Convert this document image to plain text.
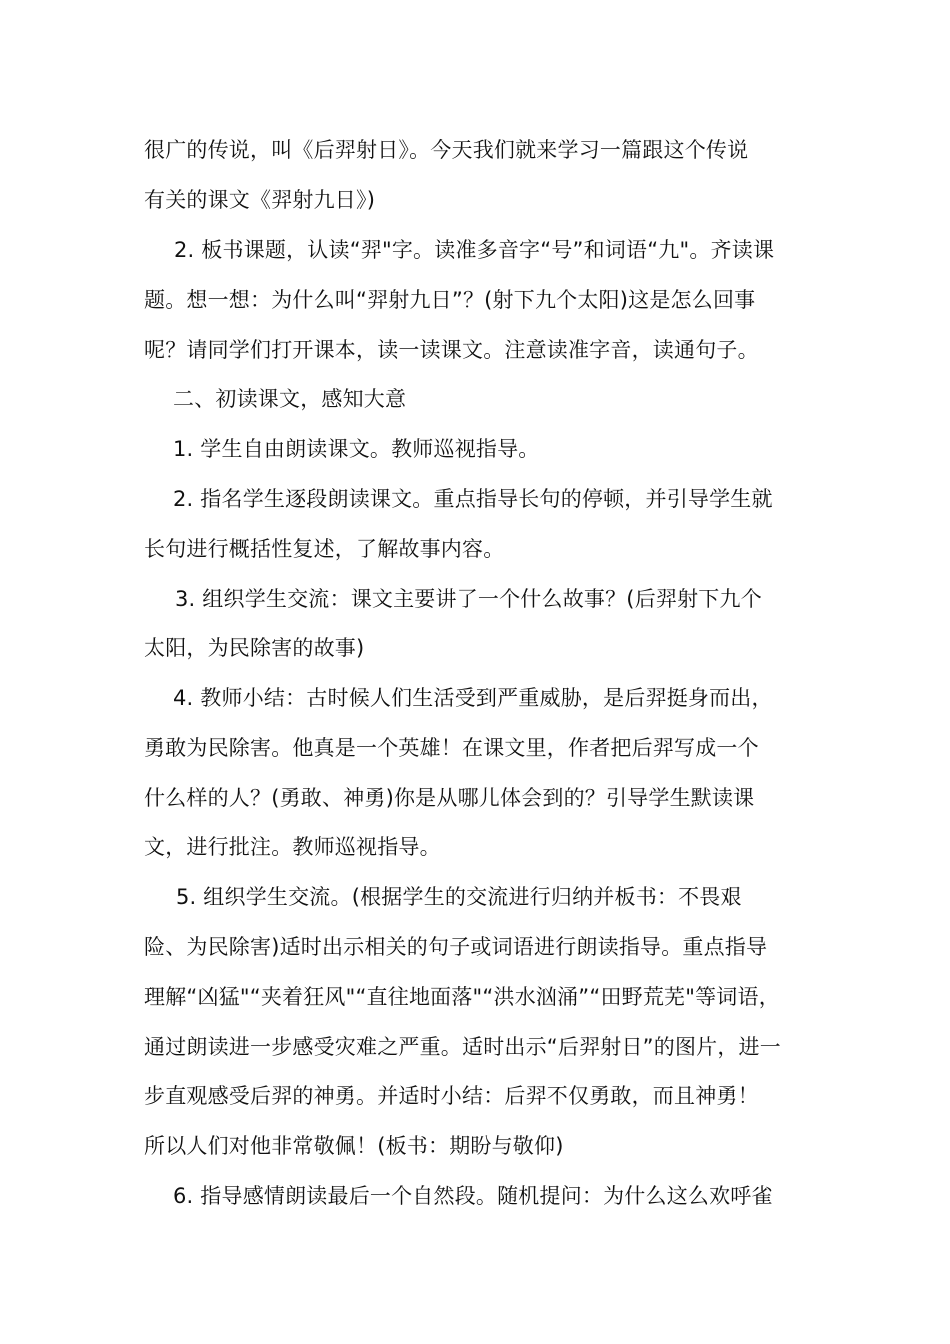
很广的传说，叫《后羿射日》。今天我们就来学习一篇跟这个传说
有关的课文《羿射九日》)
2. 板书课题，认读“羿"字。读准多音字“号”和词语“九"。齐读课
题。想一想：为什么叫“羿射九日”？(射下九个太阳)这是怎么回事
呢？请同学们打开课本，读一读课文。注意读准字音，读通句子。
二、初读课文，感知大意
1. 学生自由朗读课文。教师巡视指导。
2. 指名学生逐段朗读课文。重点指导长句的停顿，并引导学生就
长句进行概括性复述，了解故事内容。
3. 组织学生交流：课文主要讲了一个什么故事？(后羿射下九个
太阳，为民除害的故事)
4. 教师小结：古时候人们生活受到严重威胁，是后羿挺身而出，
勇敢为民除害。他真是一个英雄！在课文里，作者把后羿写成一个
什么样的人？(勇敢、神勇)你是从哪儿体会到的？引导学生默读课
文，进行批注。教师巡视指导。
5. 组织学生交流。(根据学生的交流进行归纳并板书：不畏艰
险、为民除害)适时出示相关的句子或词语进行朗读指导。重点指导
理解“凶猛"“夹着狂风"“直往地面落"“洪水汹涌”“田野荒芜"等词语，
通过朗读进一步感受灾难之严重。适时出示“后羿射日”的图片，进一
步直观感受后羿的神勇。并适时小结：后羿不仅勇敢，而且神勇！
所以人们对他非常敬佩！(板书：期盼与敬仰)
6. 指导感情朗读最后一个自然段。随机提问：为什么这么欢呼雀
